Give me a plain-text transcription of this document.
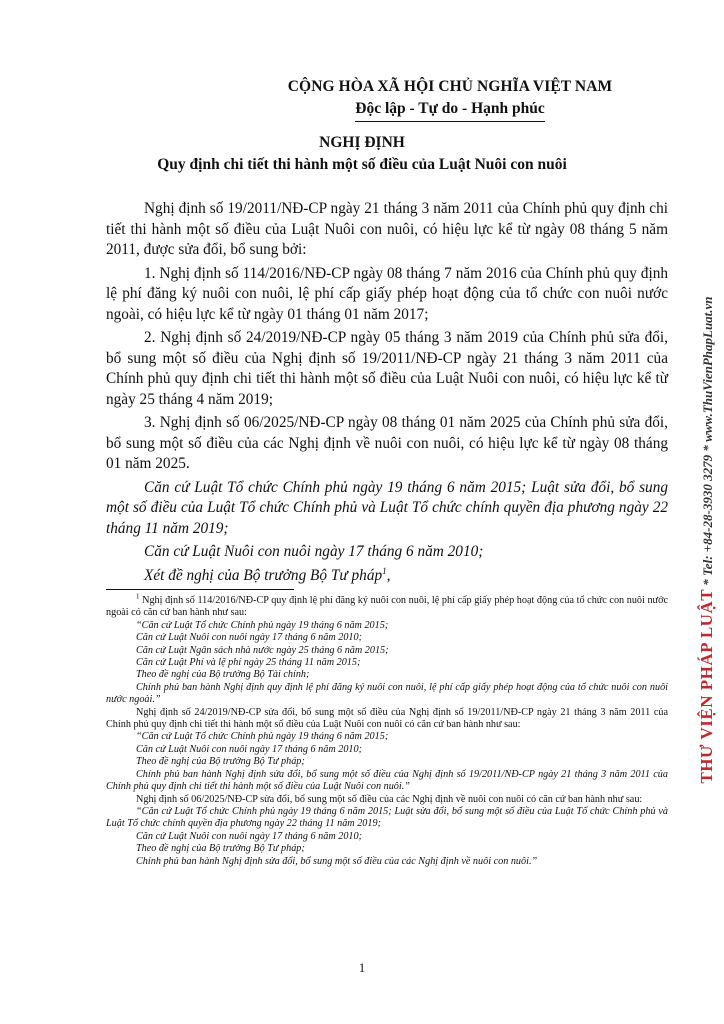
CỘNG HÒA XÃ HỘI CHỦ NGHĨA VIỆT NAM
Độc lập - Tự do - Hạnh phúc
NGHỊ ĐỊNH
Quy định chi tiết thi hành một số điều của Luật Nuôi con nuôi

Nghị định số 19/2011/NĐ-CP ngày 21 tháng 3 năm 2011 của Chính phủ quy định chi tiết thi hành một số điều của Luật Nuôi con nuôi, có hiệu lực kể từ ngày 08 tháng 5 năm 2011, được sửa đổi, bổ sung bởi:

1. Nghị định số 114/2016/NĐ-CP ngày 08 tháng 7 năm 2016 của Chính phủ quy định lệ phí đăng ký nuôi con nuôi, lệ phí cấp giấy phép hoạt động của tổ chức con nuôi nước ngoài, có hiệu lực kể từ ngày 01 tháng 01 năm 2017;

2. Nghị định số 24/2019/NĐ-CP ngày 05 tháng 3 năm 2019 của Chính phủ sửa đổi, bổ sung một số điều của Nghị định số 19/2011/NĐ-CP ngày 21 tháng 3 năm 2011 của Chính phủ quy định chi tiết thi hành một số điều của Luật Nuôi con nuôi, có hiệu lực kể từ ngày 25 tháng 4 năm 2019;

3. Nghị định số 06/2025/NĐ-CP ngày 08 tháng 01 năm 2025 của Chính phủ sửa đổi, bổ sung một số điều của các Nghị định về nuôi con nuôi, có hiệu lực kể từ ngày 08 tháng 01 năm 2025.

Căn cứ Luật Tổ chức Chính phủ ngày 19 tháng 6 năm 2015; Luật sửa đổi, bổ sung một số điều của Luật Tổ chức Chính phủ và Luật Tổ chức chính quyền địa phương ngày 22 tháng 11 năm 2019;

Căn cứ Luật Nuôi con nuôi ngày 17 tháng 6 năm 2010;

Xét đề nghị của Bộ trưởng Bộ Tư pháp$^1$,

$^1$ Nghị định số 114/2016/NĐ-CP quy định lệ phí đăng ký nuôi con nuôi, lệ phí cấp giấy phép hoạt động của tổ chức con nuôi nước ngoài có căn cứ ban hành như sau:

“Căn cứ Luật Tổ chức Chính phủ ngày 19 tháng 6 năm 2015;

Căn cứ Luật Nuôi con nuôi ngày 17 tháng 6 năm 2010;

Căn cứ Luật Ngân sách nhà nước ngày 25 tháng 6 năm 2015;

Căn cứ Luật Phí và lệ phí ngày 25 tháng 11 năm 2015;

Theo đề nghị của Bộ trưởng Bộ Tài chính;

Chính phủ ban hành Nghị định quy định lệ phí đăng ký nuôi con nuôi, lệ phí cấp giấy phép hoạt động của tổ chức nuôi con nuôi nước ngoài.”

Nghị định số 24/2019/NĐ-CP sửa đổi, bổ sung một số điều của Nghị định số 19/2011/NĐ-CP ngày 21 tháng 3 năm 2011 của Chính phủ quy định chi tiết thi hành một số điều của Luật Nuôi con nuôi có căn cứ ban hành như sau:

“Căn cứ Luật Tổ chức Chính phủ ngày 19 tháng 6 năm 2015;

Căn cứ Luật Nuôi con nuôi ngày 17 tháng 6 năm 2010;

Theo đề nghị của Bộ trưởng Bộ Tư pháp;

Chính phủ ban hành Nghị định sửa đổi, bổ sung một số điều của Nghị định số 19/2011/NĐ-CP ngày 21 tháng 3 năm 2011 của Chính phủ quy định chi tiết thi hành một số điều của Luật Nuôi con nuôi.”

Nghị định số 06/2025/NĐ-CP sửa đổi, bổ sung một số điều của các Nghị định về nuôi con nuôi có căn cứ ban hành như sau:

“Căn cứ Luật Tổ chức Chính phủ ngày 19 tháng 6 năm 2015; Luật sửa đổi, bổ sung một số điều của Luật Tổ chức Chính phủ và Luật Tổ chức chính quyền địa phương ngày 22 tháng 11 năm 2019;

Căn cứ Luật Nuôi con nuôi ngày 17 tháng 6 năm 2010;

Theo đề nghị của Bộ trưởng Bộ Tư pháp;

Chính phủ ban hành Nghị định sửa đổi, bổ sung một số điều của các Nghị định về nuôi con nuôi.”

1
THƯ VIỆN PHÁP LUẬT * Tel: +84-28-3930 3279 * www.ThuVienPhapLuat.vn
